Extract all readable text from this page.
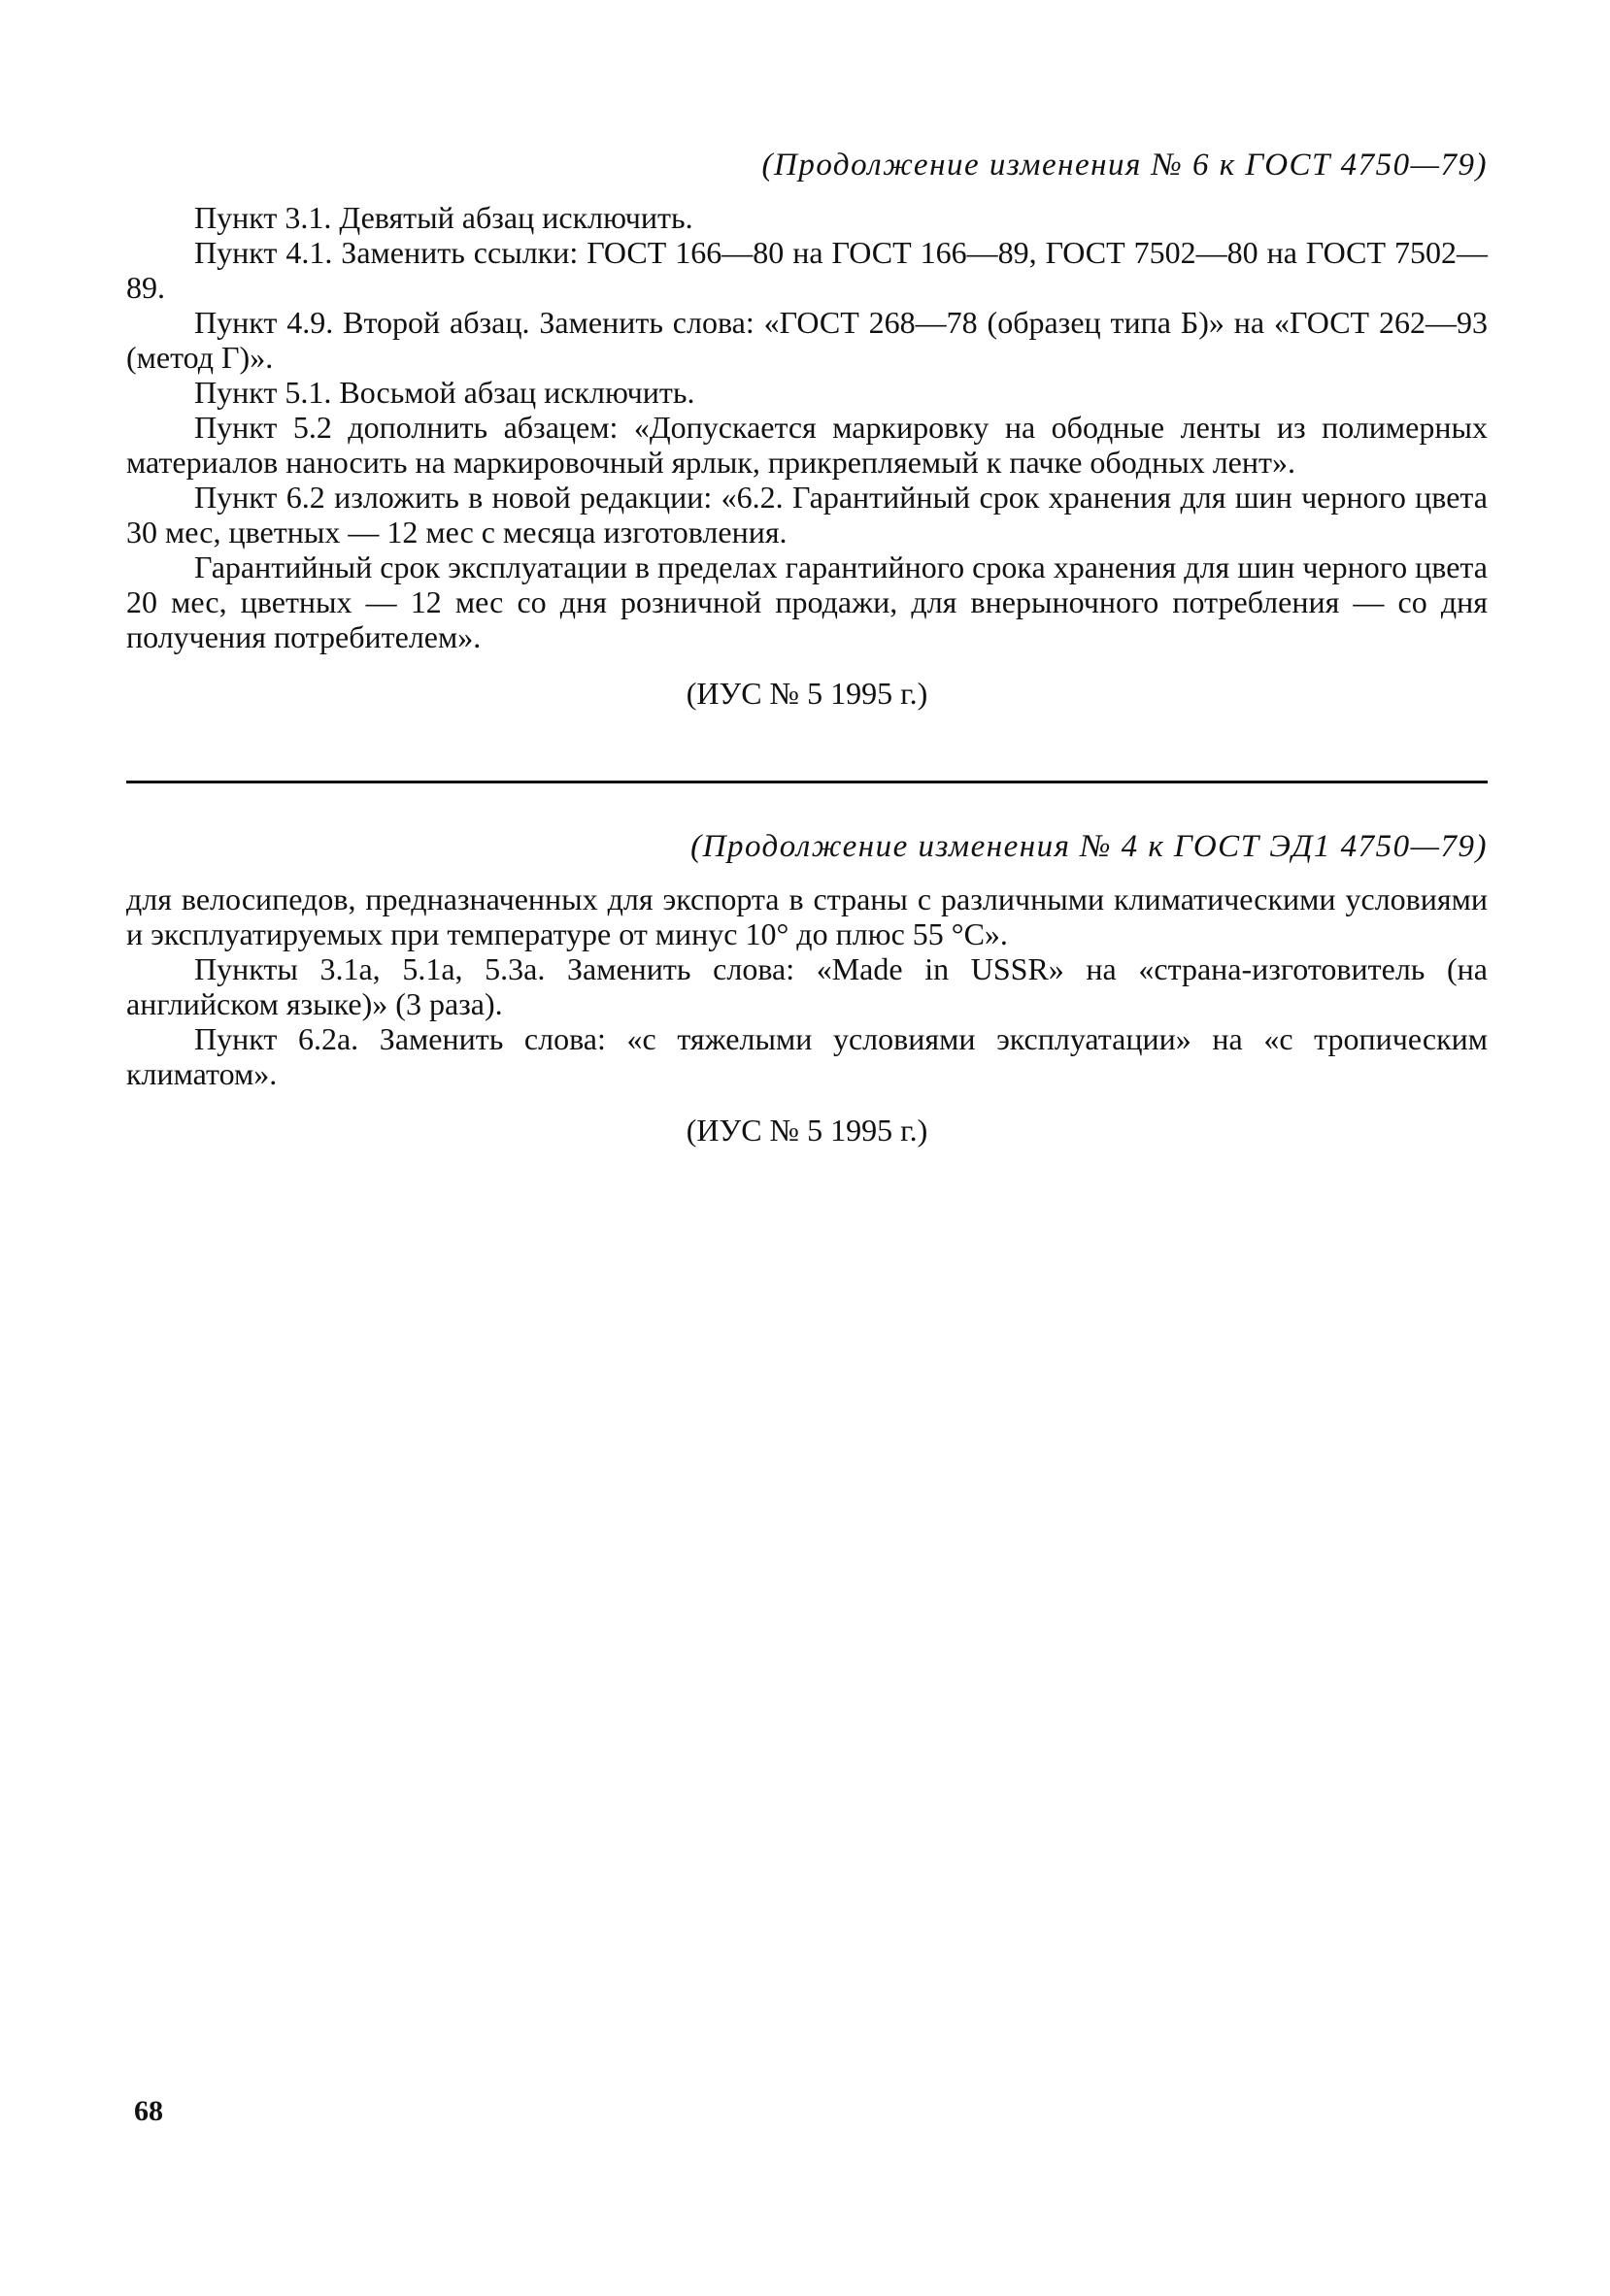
(Продолжение изменения № 6 к ГОСТ 4750—79)

Пункт 3.1. Девятый абзац исключить.

Пункт 4.1. Заменить ссылки: ГОСТ 166—80 на ГОСТ 166—89, ГОСТ 7502—80 на ГОСТ 7502—89.

Пункт 4.9. Второй абзац. Заменить слова: «ГОСТ 268—78 (образец типа Б)» на «ГОСТ 262—93 (метод Г)».

Пункт 5.1. Восьмой абзац исключить.

Пункт 5.2 дополнить абзацем: «Допускается маркировку на ободные ленты из полимерных материалов наносить на маркировочный ярлык, прикрепляемый к пачке ободных лент».

Пункт 6.2 изложить в новой редакции: «6.2. Гарантийный срок хранения для шин черного цвета 30 мес, цветных — 12 мес с месяца изготовления.

Гарантийный срок эксплуатации в пределах гарантийного срока хранения для шин черного цвета 20 мес, цветных — 12 мес со дня розничной продажи, для внерыночного потребления — со дня получения потребителем».

(ИУС № 5 1995 г.)
(Продолжение изменения № 4 к ГОСТ ЭД1 4750—79)

для велосипедов, предназначенных для экспорта в страны с различными климатическими условиями и эксплуатируемых при температуре от минус 10° до плюс 55 °С».

Пункты 3.1а, 5.1а, 5.3а. Заменить слова: «Made in USSR» на «страна-изготовитель (на английском языке)» (3 раза).

Пункт 6.2а. Заменить слова: «с тяжелыми условиями эксплуатации» на «с тропическим климатом».

(ИУС № 5 1995 г.)
68
